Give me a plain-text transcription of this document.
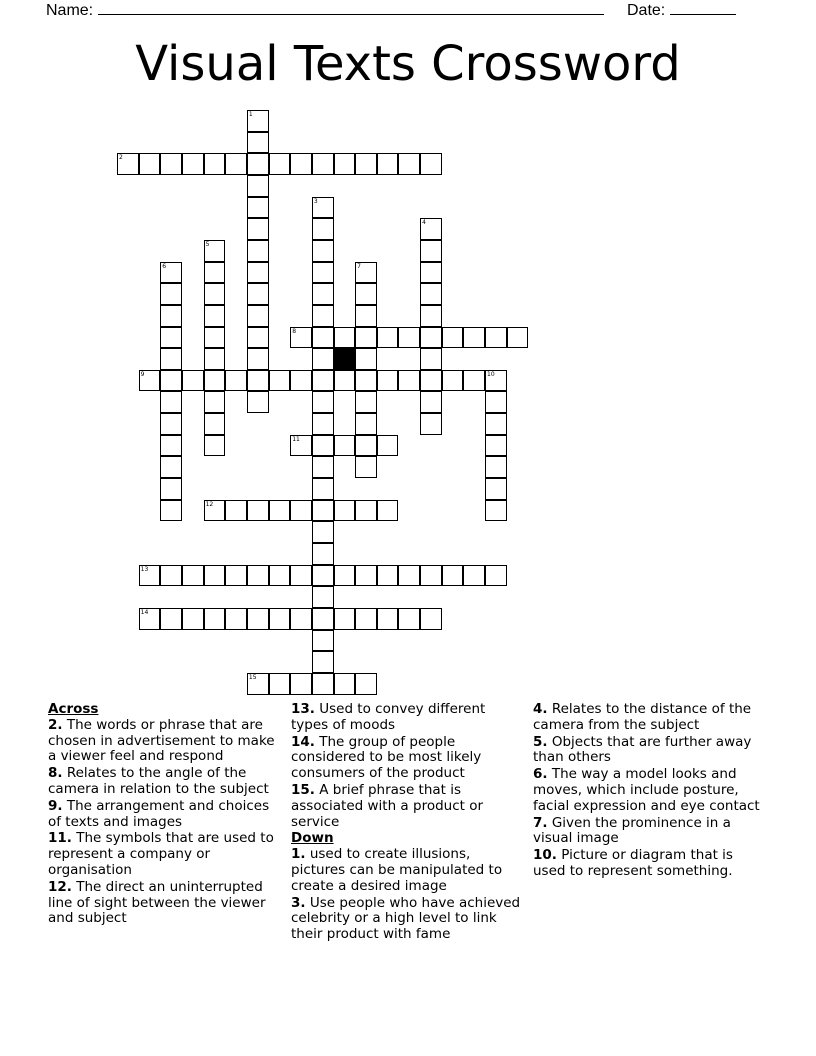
Name:	Date:
Visual Texts Crossword
1
2
3
4
5
6	7
8
9	10
11
12
13
14
15

Across

2. The words or phrase that are chosen in advertisement to make a viewer feel and respond

8. Relates to the angle of the camera in relation to the subject

9. The arrangement and choices of texts and images

11. The symbols that are used to represent a company or organisation

12. The direct an uninterrupted line of sight between the viewer and subject

13. Used to convey different types of moods

14. The group of people considered to be most likely consumers of the product

15. A brief phrase that is associated with a product or service

Down

1. used to create illusions, pictures can be manipulated to create a desired image

3. Use people who have achieved celebrity or a high level to link their product with fame

4. Relates to the distance of the camera from the subject

5. Objects that are further away than others

6. The way a model looks and moves, which include posture, facial expression and eye contact

7. Given the prominence in a visual image

10. Picture or diagram that is used to represent something.
